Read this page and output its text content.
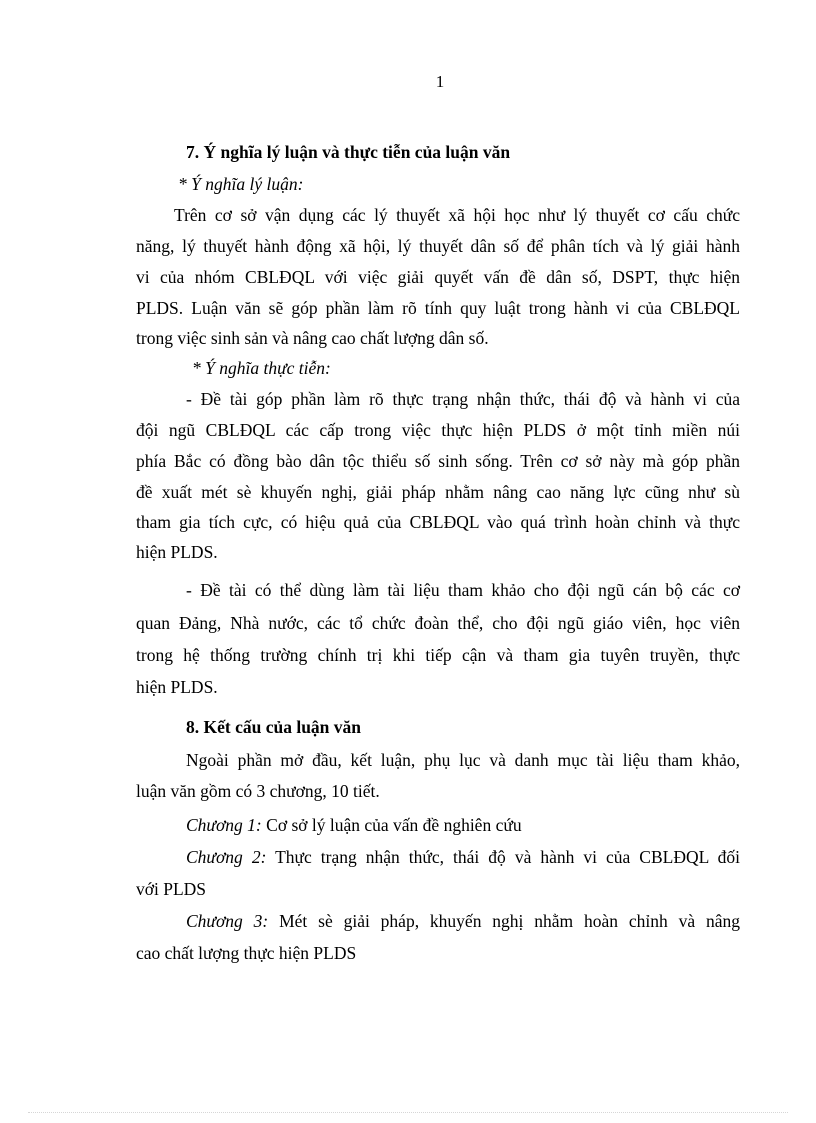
1
7. Ý nghĩa lý luận và thực tiễn của luận văn
* Ý nghĩa lý luận:
Trên cơ sở vận dụng các lý thuyết xã hội học như lý thuyết cơ cấu chức
năng, lý thuyết hành động xã hội, lý thuyết dân số để phân tích và lý giải hành
vi của nhóm CBLĐQL với việc giải quyết vấn đề dân số, DSPT, thực hiện
PLDS. Luận văn sẽ góp phần làm rõ tính quy luật trong hành vi của CBLĐQL
trong việc sinh sản và nâng cao chất lượng dân số.
* Ý nghĩa thực tiễn:
- Đề tài góp phần làm rõ thực trạng nhận thức, thái độ và hành vi của
đội ngũ CBLĐQL các cấp trong việc thực hiện PLDS ở một tỉnh miền núi
phía Bắc có đồng bào dân tộc thiểu số sinh sống. Trên cơ sở này mà góp phần
đề xuất mét sè khuyến nghị, giải pháp nhằm nâng cao năng lực cũng như sù
tham gia tích cực, có hiệu quả của CBLĐQL vào quá trình hoàn chỉnh và thực
hiện PLDS.
- Đề tài có thể dùng làm tài liệu tham khảo cho đội ngũ cán bộ các cơ
quan Đảng, Nhà nước, các tổ chức đoàn thể, cho đội ngũ giáo viên, học viên
trong hệ thống trường chính trị khi tiếp cận và tham gia tuyên truyền, thực
hiện PLDS.
8. Kết cấu của luận văn
Ngoài phần mở đầu, kết luận, phụ lục và danh mục tài liệu tham khảo,
luận văn gồm có 3 chương, 10 tiết.
Chương 1: Cơ sở lý luận của vấn đề nghiên cứu
Chương 2: Thực trạng nhận thức, thái độ và hành vi của CBLĐQL đối
với PLDS
Chương 3: Mét sè giải pháp, khuyến nghị nhằm hoàn chỉnh và nâng
cao chất lượng thực hiện PLDS
